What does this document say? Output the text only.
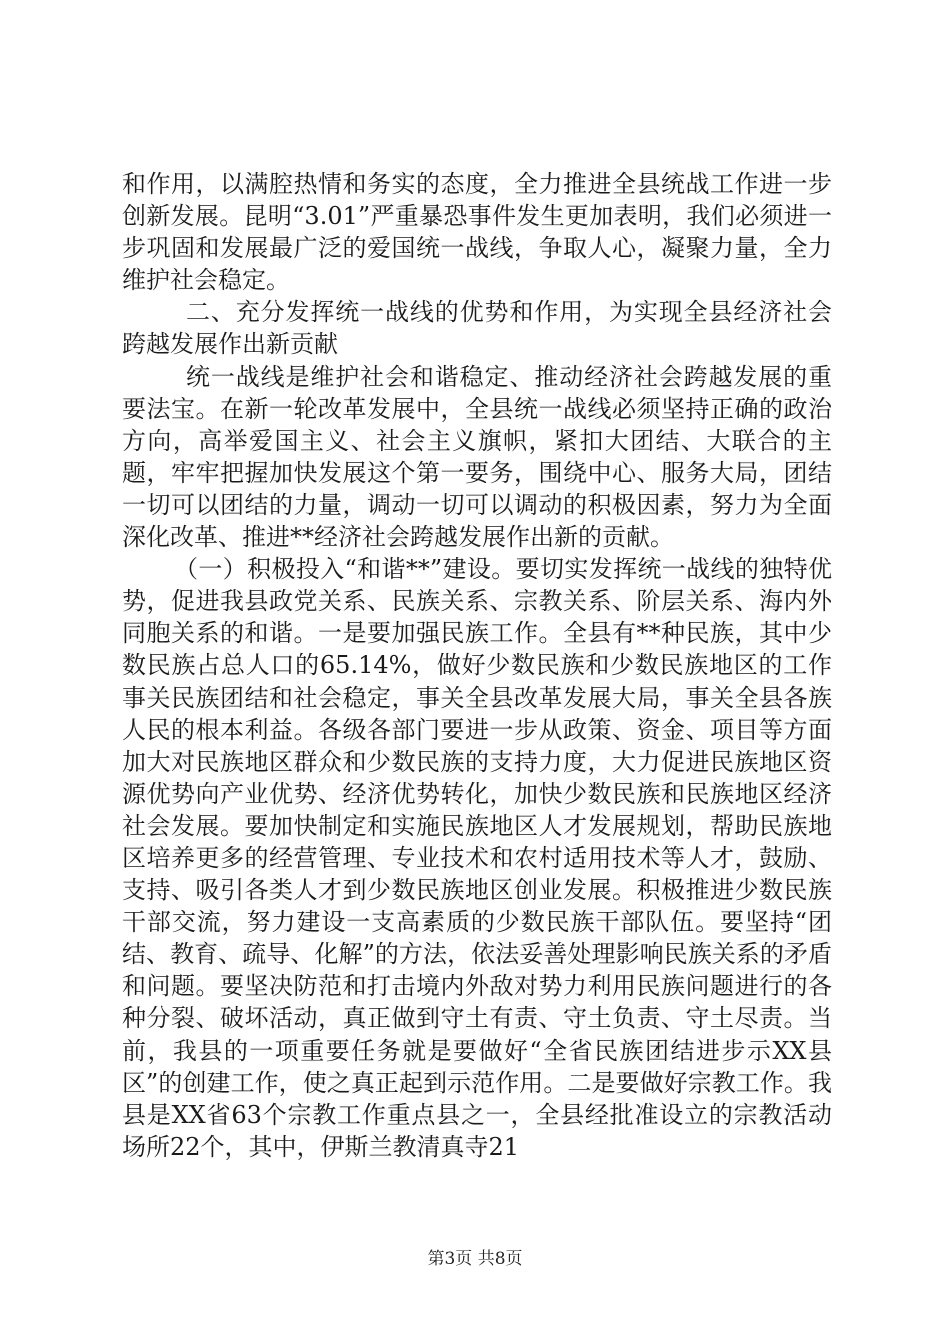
和作用，以满腔热情和务实的态度，全力推进全县统战工作进一步创新发展。昆明“3.01”严重暴恐事件发生更加表明，我们必须进一步巩固和发展最广泛的爱国统一战线，争取人心，凝聚力量，全力维护社会稳定。

二、充分发挥统一战线的优势和作用，为实现全县经济社会跨越发展作出新贡献

统一战线是维护社会和谐稳定、推动经济社会跨越发展的重要法宝。在新一轮改革发展中，全县统一战线必须坚持正确的政治方向，高举爱国主义、社会主义旗帜，紧扣大团结、大联合的主题，牢牢把握加快发展这个第一要务，围绕中心、服务大局，团结一切可以团结的力量，调动一切可以调动的积极因素，努力为全面深化改革、推进**经济社会跨越发展作出新的贡献。

（一）积极投入“和谐**”建设。要切实发挥统一战线的独特优势，促进我县政党关系、民族关系、宗教关系、阶层关系、海内外同胞关系的和谐。一是要加强民族工作。全县有**种民族，其中少数民族占总人口的65.14%，做好少数民族和少数民族地区的工作事关民族团结和社会稳定，事关全县改革发展大局，事关全县各族人民的根本利益。各级各部门要进一步从政策、资金、项目等方面加大对民族地区群众和少数民族的支持力度，大力促进民族地区资源优势向产业优势、经济优势转化，加快少数民族和民族地区经济社会发展。要加快制定和实施民族地区人才发展规划，帮助民族地区培养更多的经营管理、专业技术和农村适用技术等人才，鼓励、支持、吸引各类人才到少数民族地区创业发展。积极推进少数民族干部交流，努力建设一支高素质的少数民族干部队伍。要坚持“团结、教育、疏导、化解”的方法，依法妥善处理影响民族关系的矛盾和问题。要坚决防范和打击境内外敌对势力利用民族问题进行的各种分裂、破坏活动，真正做到守土有责、守土负责、守土尽责。当前，我县的一项重要任务就是要做好“全省民族团结进步示XX县区”的创建工作，使之真正起到示范作用。二是要做好宗教工作。我县是XX省63个宗教工作重点县之一，全县经批准设立的宗教活动场所22个，其中，伊斯兰教清真寺21

第3页 共8页
